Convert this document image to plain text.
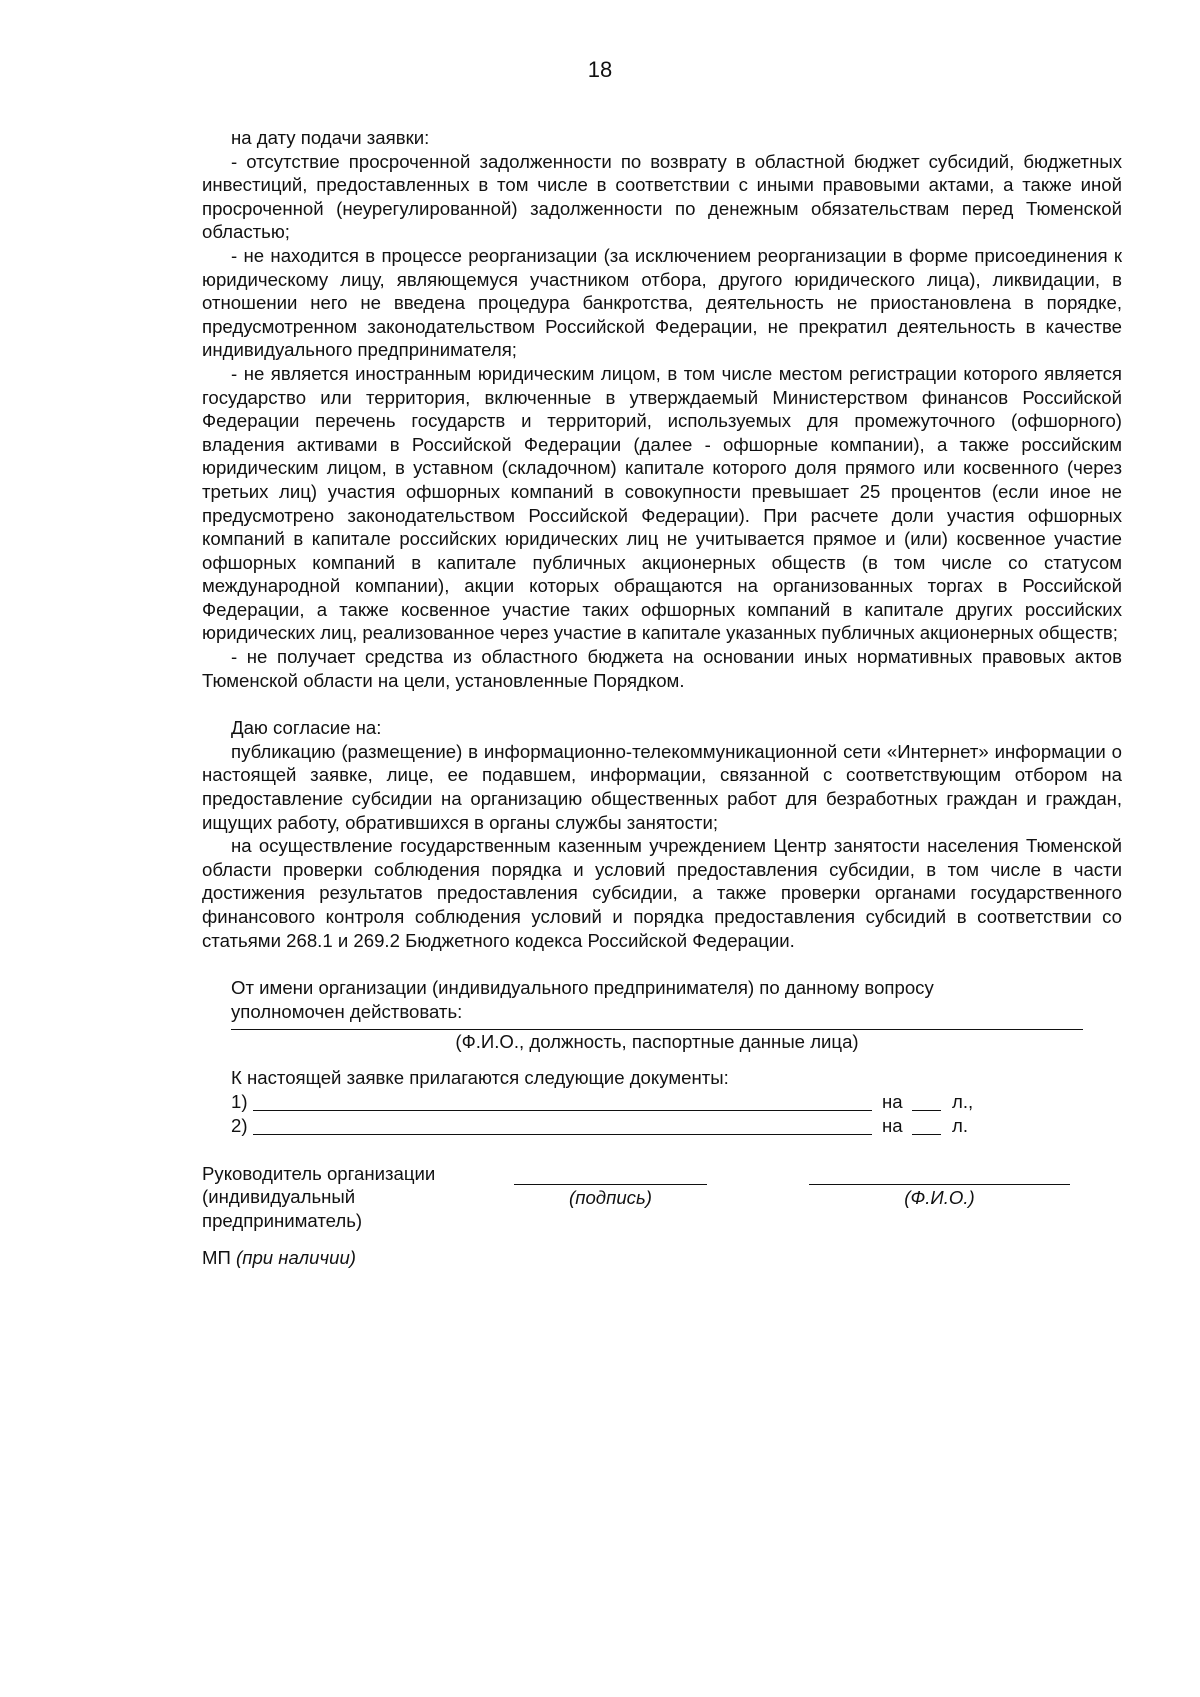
18

на дату подачи заявки:

- отсутствие просроченной задолженности по возврату в областной бюджет субсидий, бюджетных инвестиций, предоставленных в том числе в соответствии с иными правовыми актами, а также иной просроченной (неурегулированной) задолженности по денежным обязательствам перед Тюменской областью;

- не находится в процессе реорганизации (за исключением реорганизации в форме присоединения к юридическому лицу, являющемуся участником отбора, другого юридического лица), ликвидации, в отношении него не введена процедура банкротства, деятельность не приостановлена в порядке, предусмотренном законодательством Российской Федерации, не прекратил деятельность в качестве индивидуального предпринимателя;

- не является иностранным юридическим лицом, в том числе местом регистрации которого является государство или территория, включенные в утверждаемый Министерством финансов Российской Федерации перечень государств и территорий, используемых для промежуточного (офшорного) владения активами в Российской Федерации (далее - офшорные компании), а также российским юридическим лицом, в уставном (складочном) капитале которого доля прямого или косвенного (через третьих лиц) участия офшорных компаний в совокупности превышает 25 процентов (если иное не предусмотрено законодательством Российской Федерации). При расчете доли участия офшорных компаний в капитале российских юридических лиц не учитывается прямое и (или) косвенное участие офшорных компаний в капитале публичных акционерных обществ (в том числе со статусом международной компании), акции которых обращаются на организованных торгах в Российской Федерации, а также косвенное участие таких офшорных компаний в капитале других российских юридических лиц, реализованное через участие в капитале указанных публичных акционерных обществ;

- не получает средства из областного бюджета на основании иных нормативных правовых актов Тюменской области на цели, установленные Порядком.

Даю согласие на:

публикацию (размещение) в информационно-телекоммуникационной сети «Интернет» информации о настоящей заявке, лице, ее подавшем, информации, связанной с соответствующим отбором на предоставление субсидии на организацию общественных работ для безработных граждан и граждан, ищущих работу, обратившихся в органы службы занятости;

на осуществление государственным казенным учреждением Центр занятости населения Тюменской области проверки соблюдения порядка и условий предоставления субсидии, в том числе в части достижения результатов предоставления субсидии, а также проверки органами государственного финансового контроля соблюдения условий и порядка предоставления субсидий в соответствии со статьями 268.1 и 269.2 Бюджетного кодекса Российской Федерации.

От имени организации (индивидуального предпринимателя) по данному вопросу уполномочен действовать:
(Ф.И.О., должность, паспортные данные лица)
К настоящей заявке прилагаются следующие документы:
1)	на	л.,
2)	на	л.
Руководитель организации
(индивидуальный
предприниматель)
(подпись)	(Ф.И.О.)
МП (при наличии)
